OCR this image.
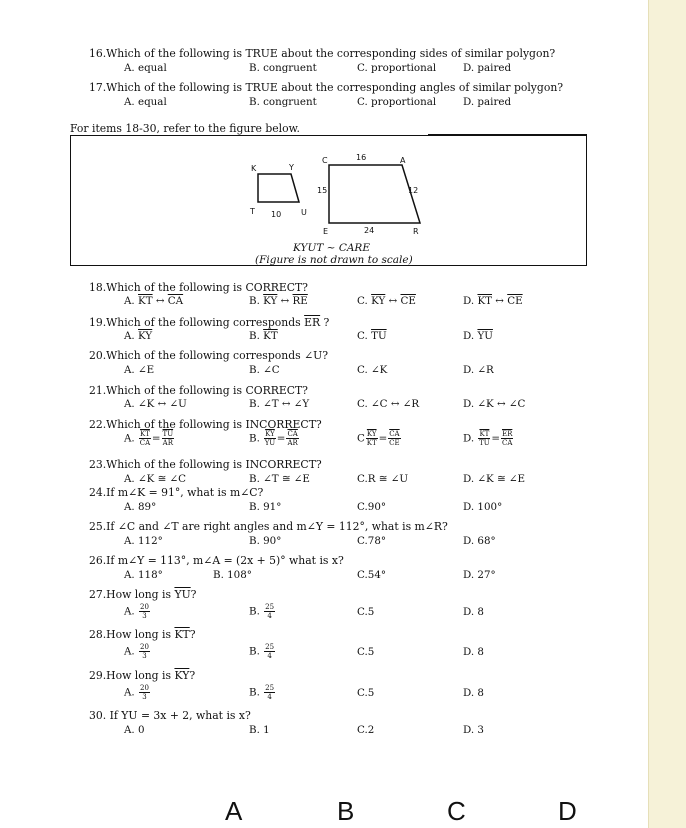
16.Which of the following is TRUE about the corresponding sides of similar polygon?
A. equal	B. congruent	C. proportional	D. paired
17.Which of the following is TRUE about the corresponding angles of similar polygon?
A. equal	B. congruent	C. proportional	D. paired
For items 18-30, refer to the figure below.
K	Y
T	U
10
C	A
E	R
16
15	12
24
KYUT ~ CARE
(Figure is not drawn to scale)
18.Which of the following is CORRECT?
A. $\overline{KT}$ ↔ $\overline{CA}$	B. $\overline{KY}$ ↔ $\overline{RE}$	C. $\overline{KY}$ ↔ $\overline{CE}$	D. $\overline{KT}$ ↔ $\overline{CE}$
19.Which of the following corresponds $\overline{ER}$ ?
A. $\overline{KY}$	B. $\overline{KT}$	C. $\overline{TU}$	D. $\overline{YU}$
20.Which of the following corresponds ∠U?
A. ∠E	B. ∠C	C. ∠K	D. ∠R
21.Which of the following is CORRECT?
A. ∠K ↔ ∠U	B. ∠T ↔ ∠Y	C. ∠C ↔ ∠R	D. ∠K ↔ ∠C
22.Which of the following is INCORRECT?
A. $\frac{\overline{KT}}{CA} = \frac{\overline{TU}}{AR}$	B. $\frac{\overline{KY}}{YU} = \frac{\overline{CA}}{AR}$	C $\frac{\overline{KY}}{KT} = \frac{\overline{CA}}{CE}$	D. $\frac{\overline{KT}}{TU} = \frac{\overline{ER}}{CA}$
23.Which of the following is INCORRECT?
A. ∠K ≅ ∠C	B. ∠T ≅ ∠E	C.R ≅ ∠U	D. ∠K ≅ ∠E
24.If m∠K = 91°, what is m∠C?
A. 89°	B. 91°	C.90°	D. 100°
25.If ∠C and ∠T are right angles and m∠Y = 112°, what is m∠R?
A. 112°	B. 90°	C.78°	D. 68°
26.If m∠Y = 113°, m∠A = (2x + 5)° what is x?
A. 118°	B. 108°	C.54°	D. 27°
27.How long is $\overline{YU}$?
A. $\frac{20}{3}$	B. $\frac{25}{4}$	C.5	D. 8
28.How long is $\overline{KT}$?
A. $\frac{20}{3}$	B. $\frac{25}{4}$	C.5	D. 8
29.How long is $\overline{KY}$?
A. $\frac{20}{3}$	B. $\frac{25}{4}$	C.5	D. 8
30. If YU = 3x + 2, what is x?
A. 0	B. 1	C.2	D. 3
A	B	C	D
